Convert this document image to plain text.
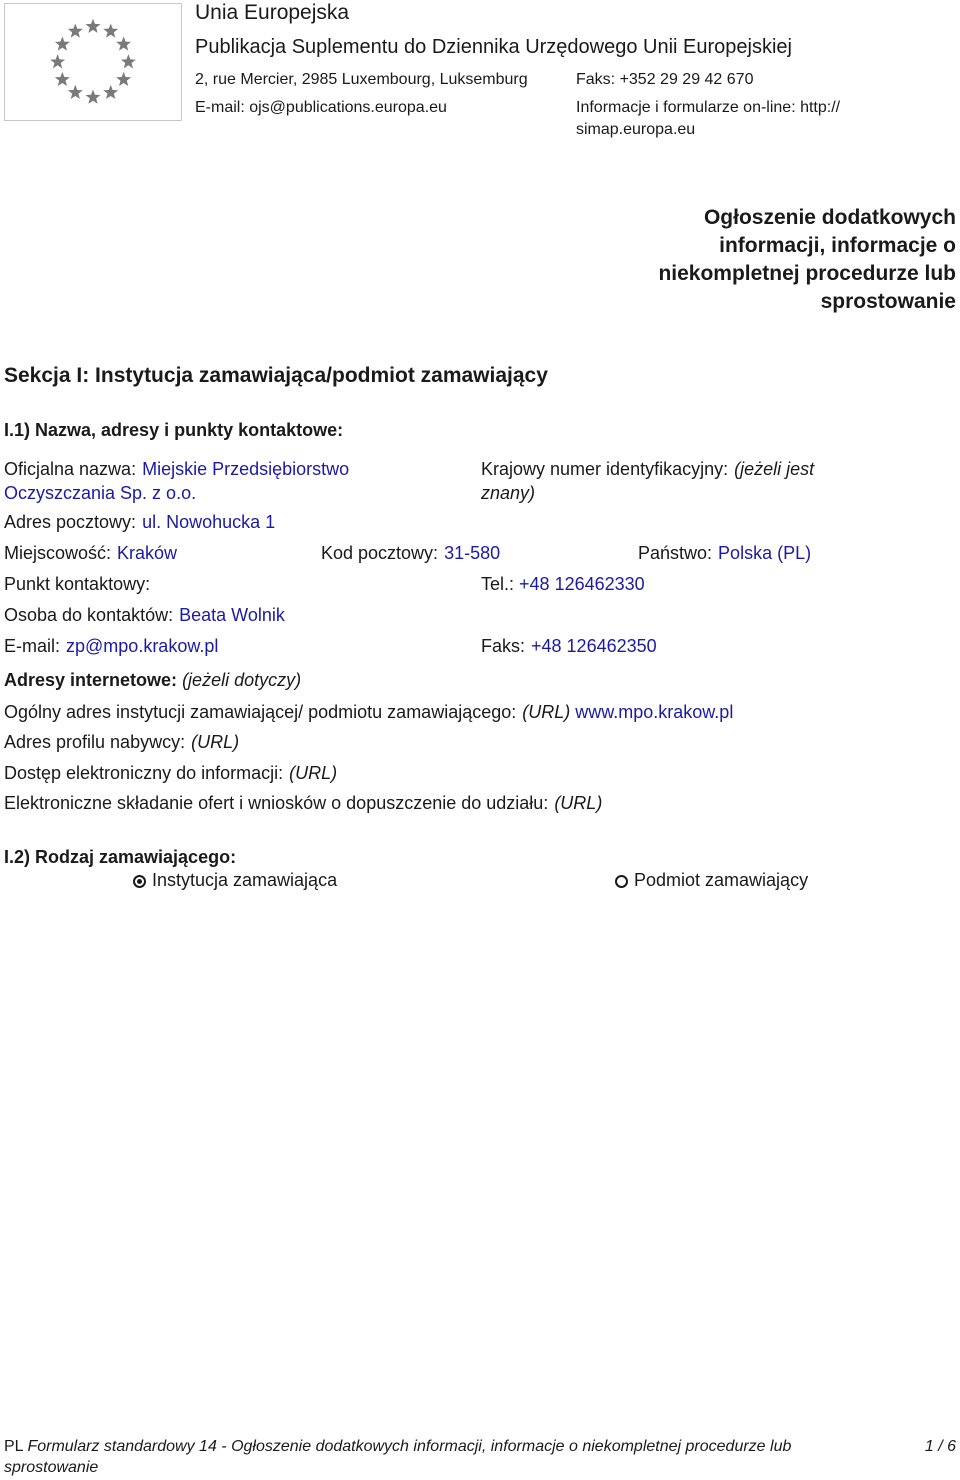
Unia Europejska
Publikacja Suplementu do Dziennika Urzędowego Unii Europejskiej
2, rue Mercier, 2985 Luxembourg, Luksemburg
E-mail: ojs@publications.europa.eu
Faks: +352 29 29 42 670
Informacje i formularze on-line: http://
simap.europa.eu
Ogłoszenie dodatkowych
informacji, informacje o
niekompletnej procedurze lub
sprostowanie
Sekcja I: Instytucja zamawiająca/podmiot zamawiający
I.1) Nazwa, adresy i punkty kontaktowe:
Oficjalna nazwa: Miejskie Przedsiębiorstwo
Oczyszczania Sp. z o.o.
Krajowy numer identyfikacyjny: (jeżeli jest
znany)
Adres pocztowy: ul. Nowohucka 1
Miejscowość: Kraków	Kod pocztowy: 31-580	Państwo: Polska (PL)
Punkt kontaktowy:	Tel.: +48 126462330
Osoba do kontaktów: Beata Wolnik
E-mail: zp@mpo.krakow.pl	Faks: +48 126462350
Adresy internetowe: (jeżeli dotyczy)
Ogólny adres instytucji zamawiającej/ podmiotu zamawiającego: (URL) www.mpo.krakow.pl
Adres profilu nabywcy: (URL)
Dostęp elektroniczny do informacji: (URL)
Elektroniczne składanie ofert i wniosków o dopuszczenie do udziału: (URL)
I.2) Rodzaj zamawiającego:
Instytucja zamawiająca	Podmiot zamawiający
PL Formularz standardowy 14 - Ogłoszenie dodatkowych informacji, informacje o niekompletnej procedurze lub
sprostowanie
1 / 6
